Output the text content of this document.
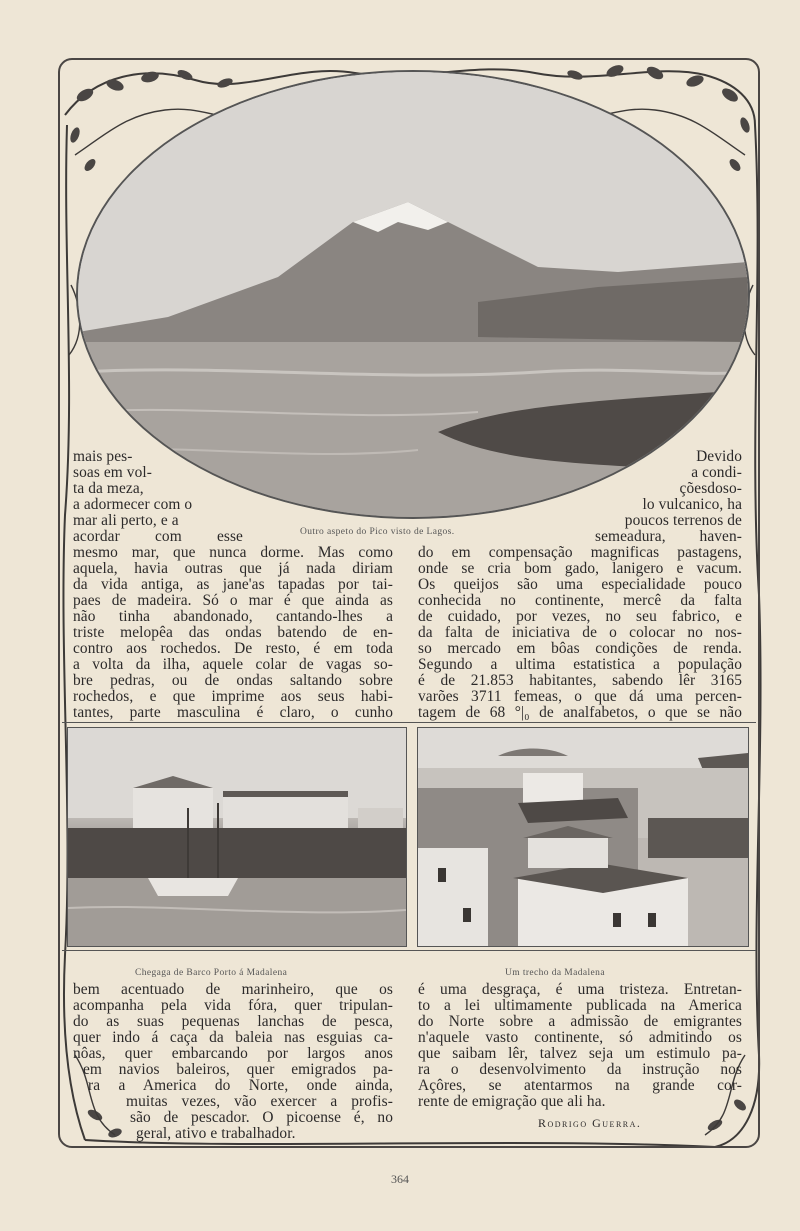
mais pes-
soas em vol-
ta da meza,
a adormecer com o
mar ali perto, e a
acordar com esse
mesmo mar, que nunca dorme. Mas como
aquela, havia outras que já nada diriam
da vida antiga, as jane'as tapadas por tai-
paes de madeira. Só o mar é que ainda as
não tinha abandonado, cantando-lhes a
triste melopêa das ondas batendo de en-
contro aos rochedos. De resto, é em toda
a volta da ilha, aquele colar de vagas so-
bre pedras, ou de ondas saltando sobre
rochedos, e que imprime aos seus habi-
tantes, parte masculina é claro, o cunho
Outro aspeto do Pico visto de Lagos.
Devido
a condi-
çõesdoso-
lo vulcanico, ha
poucos terrenos de
semeadura, haven-
do em compensação magnificas pastagens,
onde se cria bom gado, lanigero e vacum.
Os queijos são uma especialidade pouco
conhecida no continente, mercê da falta
de cuidado, por vezes, no seu fabrico, e
da falta de iniciativa de o colocar no nos-
so mercado em bôas condições de renda.
Segundo a ultima estatistica a população
é de 21.853 habitantes, sabendo lêr 3165
varões 3711 femeas, o que dá uma percen-
tagem de 68 °|₀ de analfabetos, o que se não
Chegaga de Barco Porto á Madalena	Um trecho da Madalena
bem acentuado de marinheiro, que os
acompanha pela vida fóra, quer tripulan-
do as suas pequenas lanchas de pesca,
quer indo á caça da baleia nas esguias ca-
nôas, quer embarcando por largos anos
em navios baleiros, quer emigrados pa-
ra a America do Norte, onde ainda,
muitas vezes, vão exercer a profis-
são de pescador. O picoense é, no
geral, ativo e trabalhador.
é uma desgraça, é uma tristeza. Entretan-
to a lei ultimamente publicada na America
do Norte sobre a admissão de emigrantes
n'aquele vasto continente, só admitindo os
que saibam lêr, talvez seja um estimulo pa-
ra o desenvolvimento da instrução nos
Açôres, se atentarmos na grande cor-
rente de emigração que ali ha.
Rodrigo Guerra.
364
